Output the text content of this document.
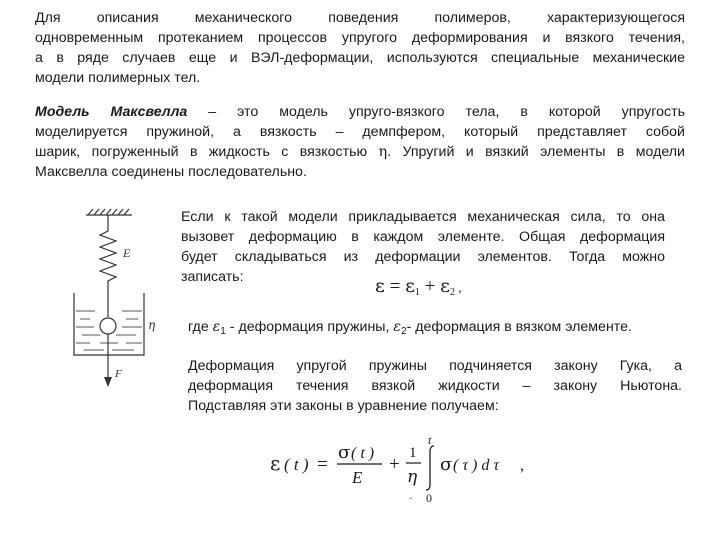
Для описания механического поведения полимеров, характеризующегося
одновременным протеканием процессов упругого деформирования и вязкого течения,
а в ряде случаев еще и ВЭЛ-деформации, используются специальные механические
модели полимерных тел.
Модель Максвелла – это модель упруго-вязкого тела, в которой упругость
моделируется пружиной, а вязкость – демпфером, который представляет собой
шарик, погруженный в жидкость с вязкостью η. Упругий и вязкий элементы в модели
Максвелла соединены последовательно.
E
η
F
Если к такой модели прикладывается механическая сила, то она
вызовет деформацию в каждом элементе. Общая деформация
будет складываться из деформации элементов. Тогда можно
записать:	$\varepsilon = \varepsilon_1 + \varepsilon_2$ ,
где $\varepsilon_1$ - деформация пружины, $\varepsilon_2-$ деформация в вязком элементе.
Деформация упругой пружины подчиняется закону Гука, а
деформация течения вязкой жидкости – закону Ньютона.
Подставляя эти законы в уравнение получаем:
ε ( t ) =
σ ( t )
E
+
1
η
t
0
σ ( τ ) d τ ,
-
